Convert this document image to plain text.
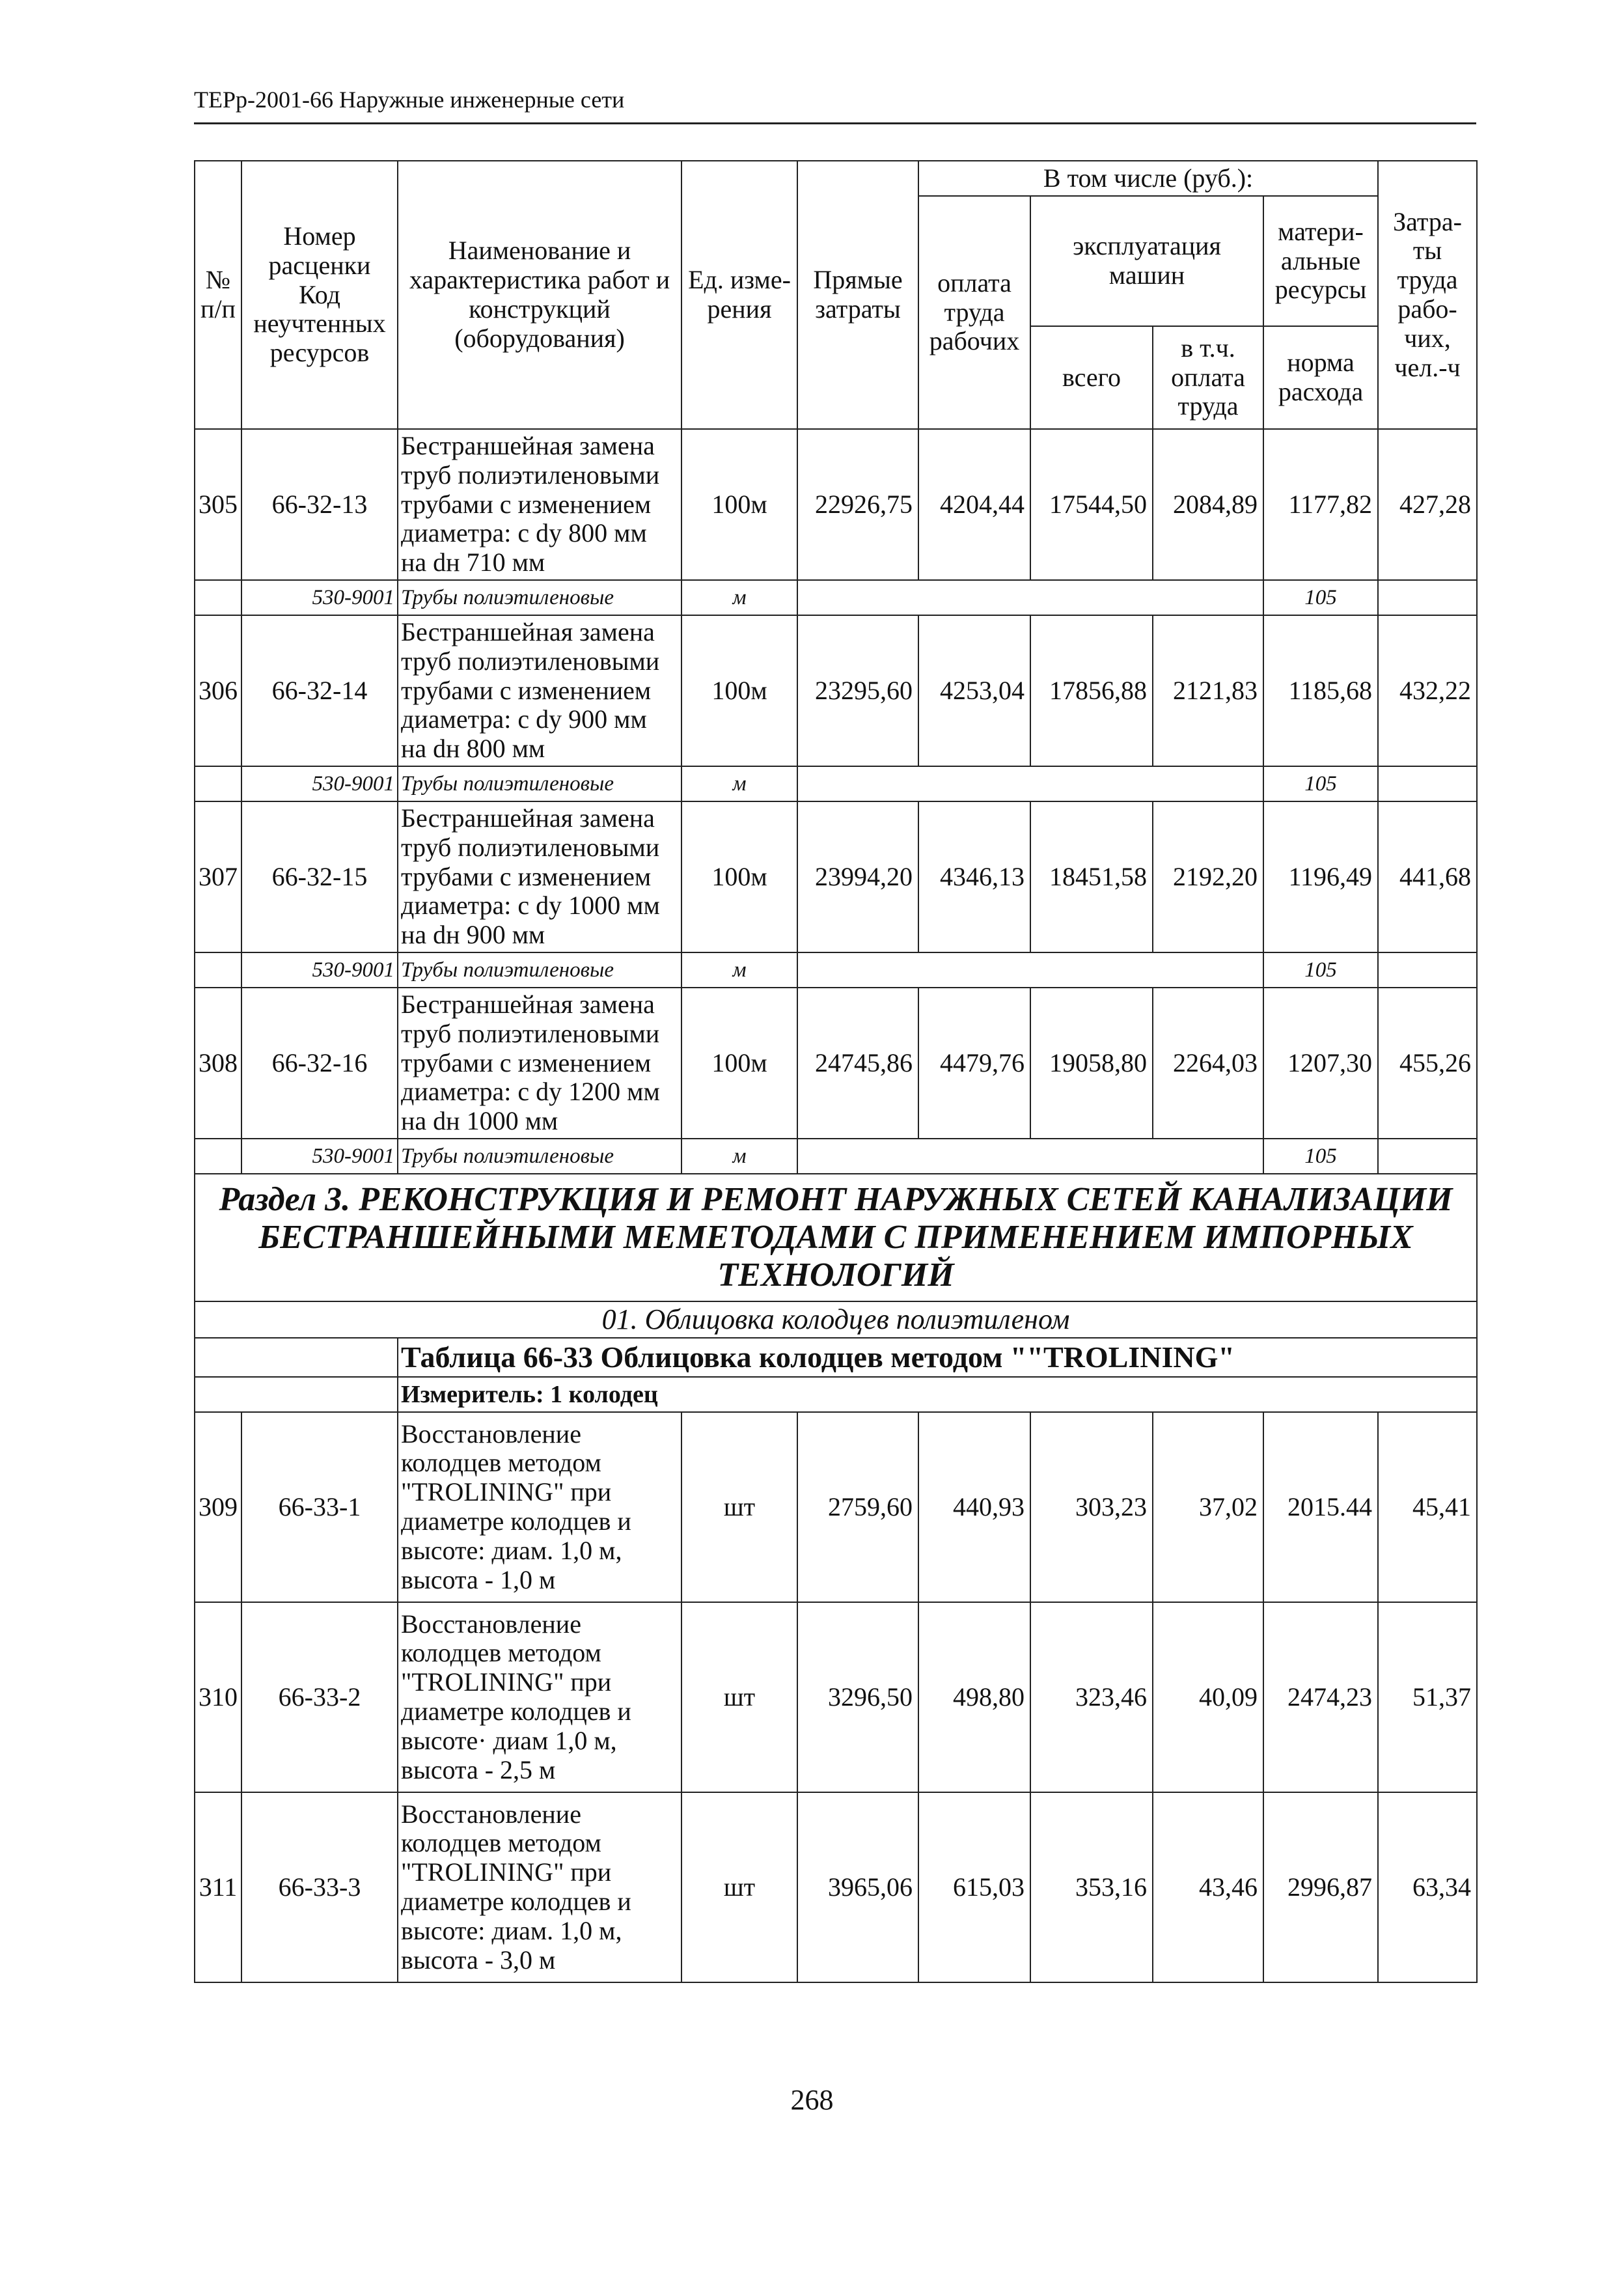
ТЕРр-2001-66 Наружные инженерные сети
№ п/п	Номер расценки Код неучтенных ресурсов	Наименование и характеристика работ и конструкций (оборудования)	Ед. изме-рения	Прямые затраты	В том числе (руб.):				Затра-ты труда рабо-чих, чел.-ч
					оплата труда рабочих	эксплуатация машин		матери-альные ресурсы	
						всего	в т.ч. оплата труда	норма расхода	
305	66-32-13	Бестраншейная замена труб полиэтиленовыми трубами с изменением диаметра: с dy 800 мм на dн 710 мм	100м	22926,75	4204,44	17544,50	2084,89	1177,82	427,28
	530-9001	Трубы полиэтиленовые	м					105	
306	66-32-14	Бестраншейная замена труб полиэтиленовыми трубами с изменением диаметра: с dy 900 мм на dн 800 мм	100м	23295,60	4253,04	17856,88	2121,83	1185,68	432,22
	530-9001	Трубы полиэтиленовые	м					105	
307	66-32-15	Бестраншейная замена труб полиэтиленовыми трубами с изменением диаметра: с dy 1000 мм на dн 900 мм	100м	23994,20	4346,13	18451,58	2192,20	1196,49	441,68
	530-9001	Трубы полиэтиленовые	м					105	
308	66-32-16	Бестраншейная замена труб полиэтиленовыми трубами с изменением диаметра: с dy 1200 мм на dн 1000 мм	100м	24745,86	4479,76	19058,80	2264,03	1207,30	455,26
	530-9001	Трубы полиэтиленовые	м					105	
Раздел 3. РЕКОНСТРУКЦИЯ И РЕМОНТ НАРУЖНЫХ СЕТЕЙ КАНАЛИЗАЦИИ БЕСТРАНШЕЙНЫМИ МЕМЕТОДАМИ С ПРИМЕНЕНИЕМ ИМПОРНЫХ ТЕХНОЛОГИЙ									
01. Облицовка колодцев полиэтиленом									
		Таблица 66-33 Облицовка колодцев методом ""TROLINING"							
		Измеритель: 1 колодец							
309	66-33-1	Восстановление колодцев методом "TROLINING" при диаметре колодцев и высоте: диам. 1,0 м, высота - 1,0 м	шт	2759,60	440,93	303,23	37,02	2015.44	45,41
310	66-33-2	Восстановление колодцев методом "TROLINING" при диаметре колодцев и высоте· диам 1,0 м, высота - 2,5 м	шт	3296,50	498,80	323,46	40,09	2474,23	51,37
311	66-33-3	Восстановление колодцев методом "TROLINING" при диаметре колодцев и высоте: диам. 1,0 м, высота - 3,0 м	шт	3965,06	615,03	353,16	43,46	2996,87	63,34
268
